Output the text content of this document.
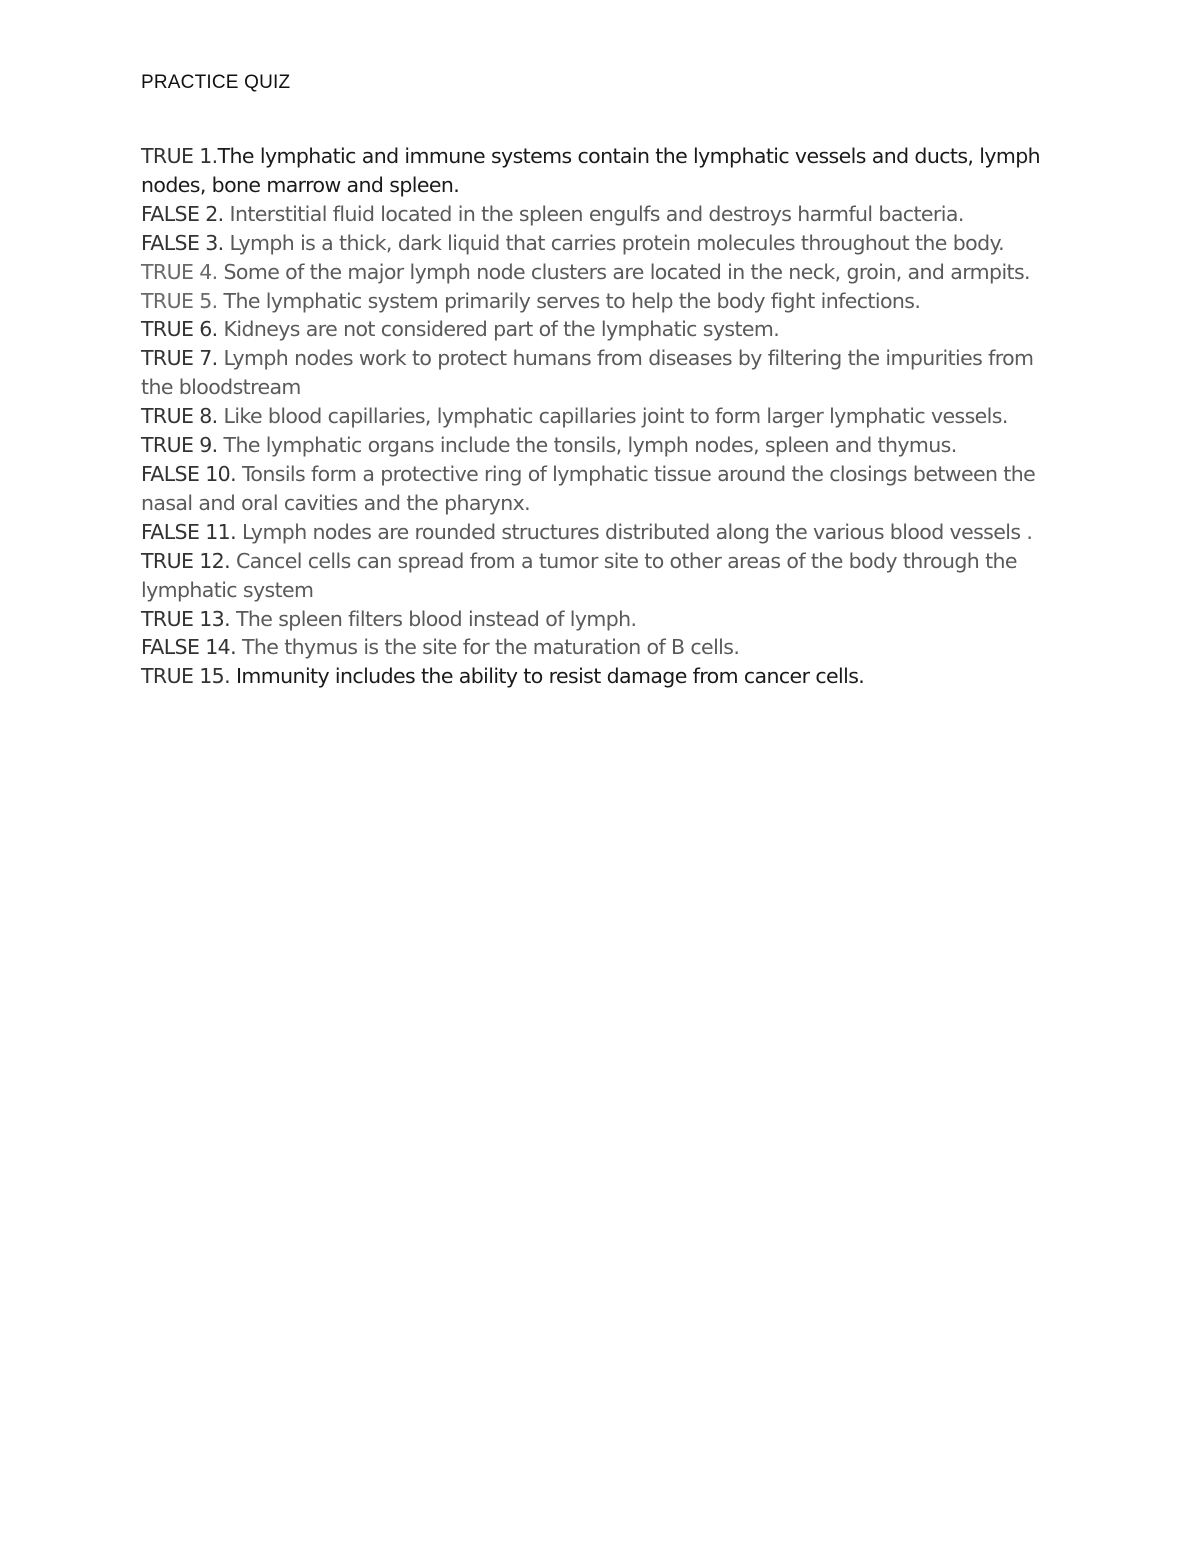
PRACTICE QUIZ
TRUE 1.The lymphatic and immune systems contain the lymphatic vessels and ducts, lymph nodes, bone marrow and spleen.
FALSE 2. Interstitial fluid located in the spleen engulfs and destroys harmful bacteria.
FALSE 3. Lymph is a thick, dark liquid that carries protein molecules throughout the body.
TRUE 4. Some of the major lymph node clusters are located in the neck, groin, and armpits.
TRUE 5. The lymphatic system primarily serves to help the body fight infections.
TRUE 6. Kidneys are not considered part of the lymphatic system.
TRUE 7. Lymph nodes work to protect humans from diseases by filtering the impurities from the bloodstream
TRUE 8. Like blood capillaries, lymphatic capillaries joint to form larger lymphatic vessels.
TRUE 9. The lymphatic organs include the tonsils, lymph nodes, spleen and thymus.
FALSE 10. Tonsils form a protective ring of lymphatic tissue around the closings between the nasal and oral cavities and the pharynx.
FALSE 11. Lymph nodes are rounded structures distributed along the various blood vessels .
TRUE 12. Cancel cells can spread from a tumor site to other areas of the body through the lymphatic system
TRUE 13. The spleen filters blood instead of lymph.
FALSE 14. The thymus is the site for the maturation of B cells.
TRUE 15. Immunity includes the ability to resist damage from cancer cells.
